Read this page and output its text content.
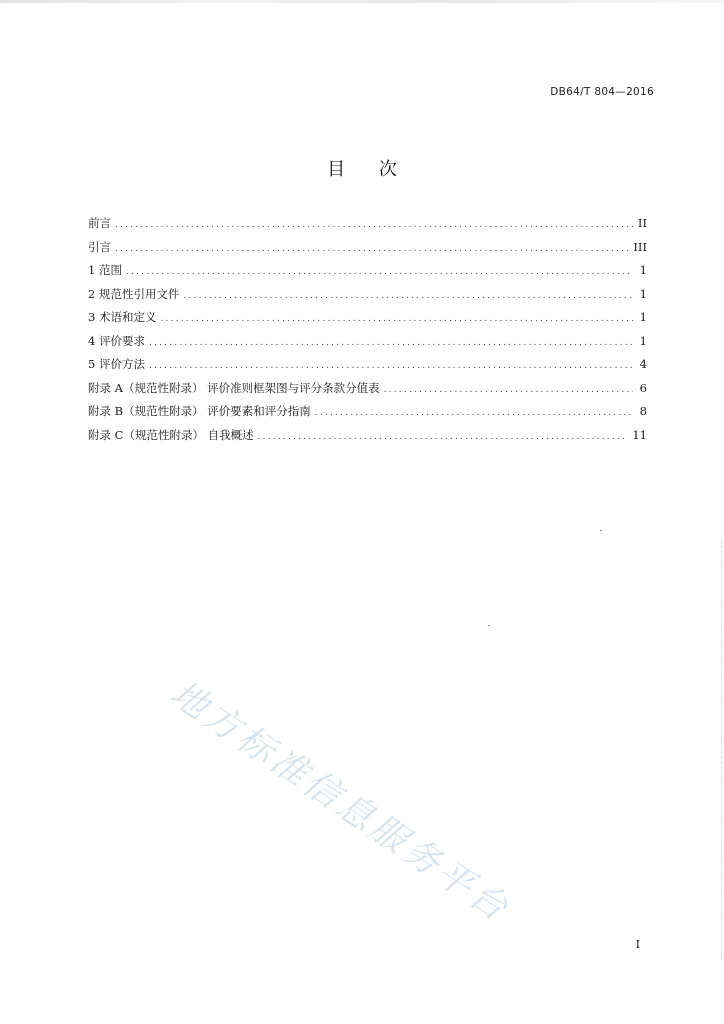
DB64/T 804—2016
目 次
前言 .....	II
引言 .....	III
1 范围 .....	1
2 规范性引用文件 .....	1
3 术语和定义 .....	1
4 评价要求 .....	1
5 评价方法 .....	4
附录 A（规范性附录） 评价准则框架图与评分条款分值表 .....	6
附录 B（规范性附录） 评价要素和评分指南 .....	8
附录 C（规范性附录） 自我概述 .....	11
地方标准信息服务平台
I
